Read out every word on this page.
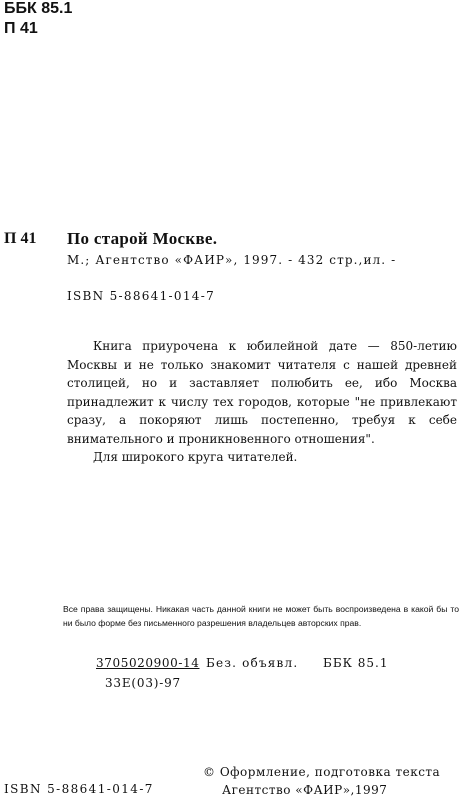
ББК 85.1
П 41
П 41 По старой Москве.
М.; Агентство «ФАИР», 1997. - 432 стр.,ил. -
ISBN 5-88641-014-7

Книга приурочена к юбилейной дате — 850-летию Москвы и не только знакомит читателя с нашей древней столицей, но и заставляет полюбить ее, ибо Москва принадлежит к числу тех городов, которые "не привлекают сразу, а покоряют лишь постепенно, требуя к себе внимательного и проникновенного отношения".

Для широкого круга читателей.

Все права защищены. Никакая часть данной книги не может быть воспроизведена в какой бы то ни было форме без письменного разрешения владельцев авторских прав.
3705020900-14 Без. объявл. ББК 85.1
33Е(03)-97
ISBN 5-88641-014-7
© Оформление, подготовка текста
Агентство «ФАИР»,1997
